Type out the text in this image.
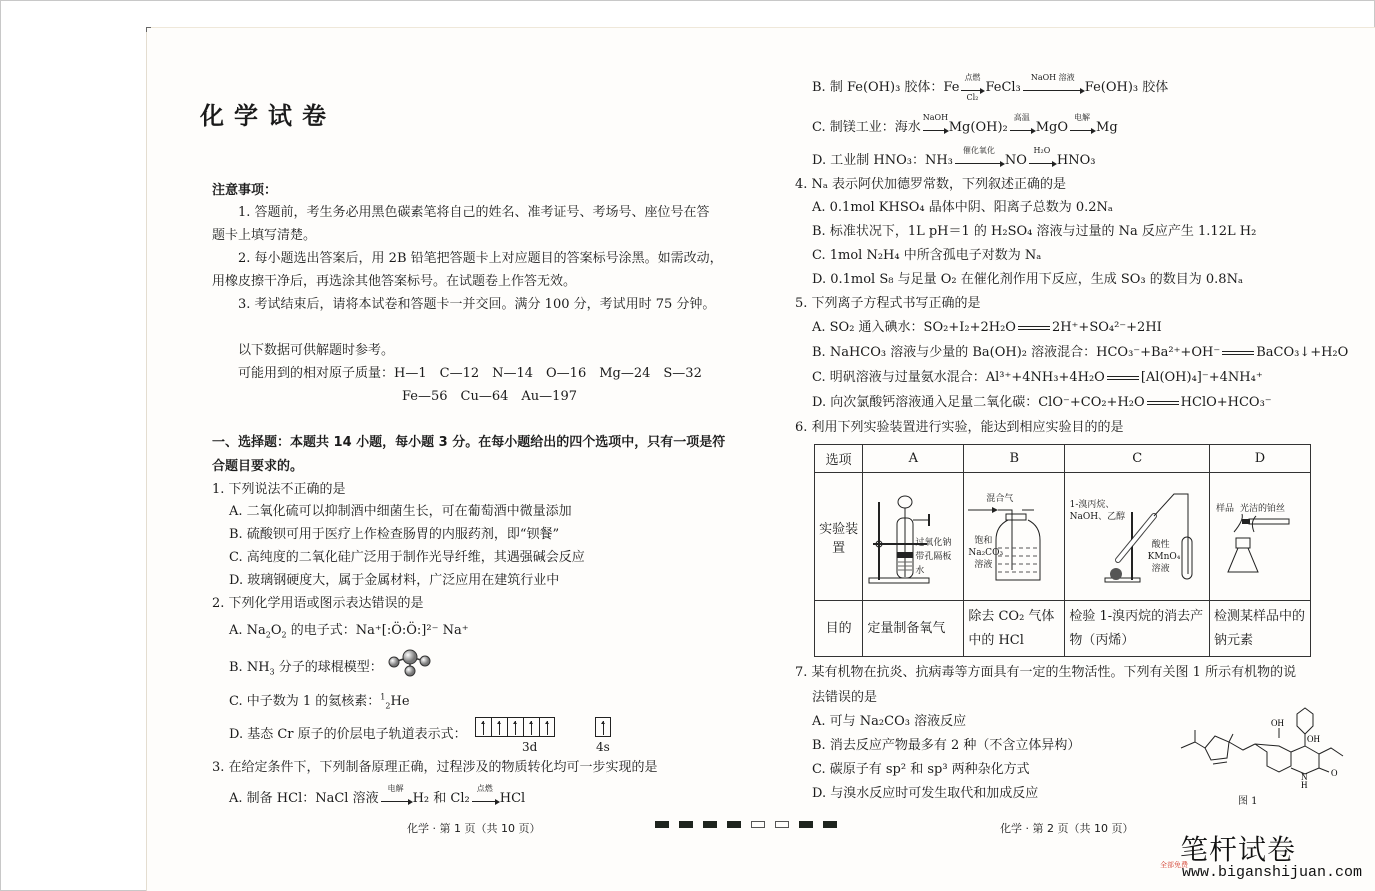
化学试卷
注意事项：
1. 答题前，考生务必用黑色碳素笔将自己的姓名、准考证号、考场号、座位号在答
题卡上填写清楚。
2. 每小题选出答案后，用 2B 铅笔把答题卡上对应题目的答案标号涂黑。如需改动，
用橡皮擦干净后，再选涂其他答案标号。在试题卷上作答无效。
3. 考试结束后，请将本试卷和答题卡一并交回。满分 100 分，考试用时 75 分钟。
以下数据可供解题时参考。
可能用到的相对原子质量：H—1　C—12　N—14　O—16　Mg—24　S—32
Fe—56　Cu—64　Au—197
一、选择题：本题共 14 小题，每小题 3 分。在每小题给出的四个选项中，只有一项是符
合题目要求的。
1. 下列说法不正确的是
A. 二氧化硫可以抑制酒中细菌生长，可在葡萄酒中微量添加
B. 硫酸钡可用于医疗上作检查肠胃的内服药剂，即“钡餐”
C. 高纯度的二氧化硅广泛用于制作光导纤维，其遇强碱会反应
D. 玻璃钢硬度大，属于金属材料，广泛应用在建筑行业中
2. 下列化学用语或图示表达错误的是
A. $Na_2O_2$ 的电子式：Na⁺[:Ö:Ö:]²⁻ Na⁺
B. $NH_3$ 分子的球棍模型：
C. 中子数为 1 的氦核素：$^1_2$He
D. 基态 Cr 原子的价层电子轨道表示式：
3d	4s
3. 在给定条件下，下列制备原理正确，过程涉及的物质转化均可一步实现的是
A. 制备 HCl：NaCl 溶液
电解
H₂ 和 Cl₂
点燃
HCl
化学 · 第 1 页（共 10 页）
B. 制 Fe(OH)₃ 胶体：Fe
点燃
Cl₂
FeCl₃
NaOH 溶液
Fe(OH)₃ 胶体
C. 制镁工业：海水
NaOH
Mg(OH)₂
高温
MgO
电解
Mg
D. 工业制 HNO₃：NH₃
催化氧化
NO
H₂O
HNO₃
4. Nₐ 表示阿伏加德罗常数，下列叙述正确的是
A. 0.1mol KHSO₄ 晶体中阴、阳离子总数为 0.2Nₐ
B. 标准状况下，1L pH＝1 的 H₂SO₄ 溶液与过量的 Na 反应产生 1.12L H₂
C. 1mol N₂H₄ 中所含孤电子对数为 Nₐ
D. 0.1mol S₈ 与足量 O₂ 在催化剂作用下反应，生成 SO₃ 的数目为 0.8Nₐ
5. 下列离子方程式书写正确的是
A. SO₂ 通入碘水：SO₂+I₂+2H₂O	2H⁺+SO₄²⁻+2HI
B. NaHCO₃ 溶液与少量的 Ba(OH)₂ 溶液混合：HCO₃⁻+Ba²⁺+OH⁻	BaCO₃↓+H₂O
C. 明矾溶液与过量氨水混合：Al³⁺+4NH₃+4H₂O	[Al(OH)₄]⁻+4NH₄⁺
D. 向次氯酸钙溶液通入足量二氧化碳：ClO⁻+CO₂+H₂O	HClO+HCO₃⁻
6. 利用下列实验装置进行实验，能达到相应实验目的的是
选项	A	B	C	D
实验装置	过氧化钠
带孔隔板
水	混合气
饱和
Na₂CO₃
溶液	1-溴丙烷、
NaOH、乙醇
酸性
KMnO₄
溶液	样品 光洁的铂丝

目的	定量制备氧气	除去 CO₂ 气体中的 HCl	检验 1-溴丙烷的消去产物（丙烯）	检测某样品中的钠元素
7. 某有机物在抗炎、抗病毒等方面具有一定的生物活性。下列有关图 1 所示有机物的说
法错误的是
A. 可与 Na₂CO₃ 溶液反应
B. 消去反应产物最多有 2 种（不含立体异构）
C. 碳原子有 sp² 和 sp³ 两种杂化方式
D. 与溴水反应时可发生取代和加成反应
OH
OH
N
H
O
图 1
化学 · 第 2 页（共 10 页）
笔杆试卷
全部免费
www.biganshijuan.com
